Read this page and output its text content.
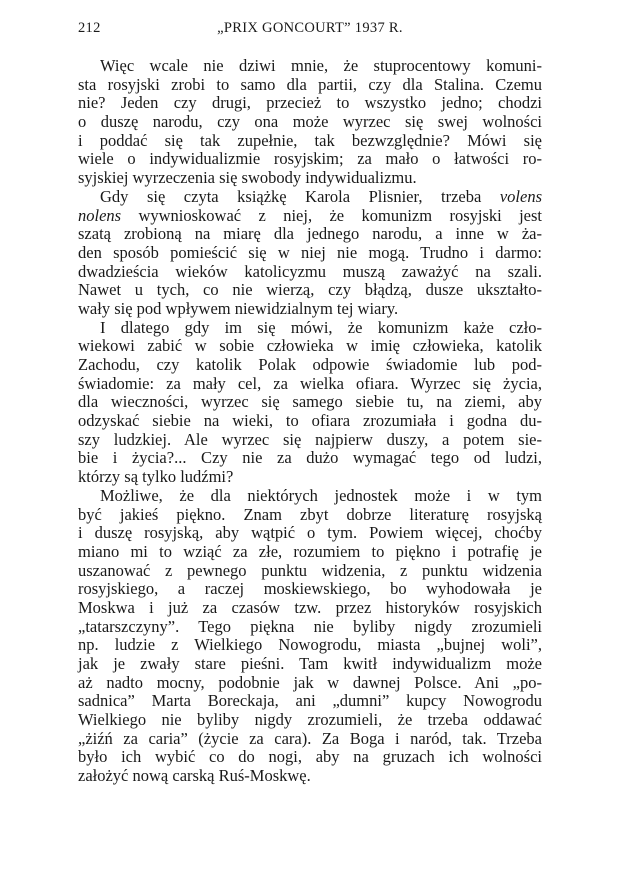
212	„PRIX GONCOURT” 1937 R.
Więc wcale nie dziwi mnie, że stuprocentowy komuni-
sta rosyjski zrobi to samo dla partii, czy dla Stalina. Czemu
nie? Jeden czy drugi, przecież to wszystko jedno; chodzi
o duszę narodu, czy ona może wyrzec się swej wolności
i poddać się tak zupełnie, tak bezwzględnie? Mówi się
wiele o indywidualizmie rosyjskim; za mało o łatwości ro-
syjskiej wyrzeczenia się swobody indywidualizmu.
Gdy się czyta książkę Karola Plisnier, trzeba volens
nolens wywnioskować z niej, że komunizm rosyjski jest
szatą zrobioną na miarę dla jednego narodu, a inne w ża-
den sposób pomieścić się w niej nie mogą. Trudno i darmo:
dwadzieścia wieków katolicyzmu muszą zaważyć na szali.
Nawet u tych, co nie wierzą, czy błądzą, dusze ukształto-
wały się pod wpływem niewidzialnym tej wiary.
I dlatego gdy im się mówi, że komunizm każe czło-
wiekowi zabić w sobie człowieka w imię człowieka, katolik
Zachodu, czy katolik Polak odpowie świadomie lub pod-
świadomie: za mały cel, za wielka ofiara. Wyrzec się życia,
dla wieczności, wyrzec się samego siebie tu, na ziemi, aby
odzyskać siebie na wieki, to ofiara zrozumiała i godna du-
szy ludzkiej. Ale wyrzec się najpierw duszy, a potem sie-
bie i życia?... Czy nie za dużo wymagać tego od ludzi,
którzy są tylko ludźmi?
Możliwe, że dla niektórych jednostek może i w tym
być jakieś piękno. Znam zbyt dobrze literaturę rosyjską
i duszę rosyjską, aby wątpić o tym. Powiem więcej, choćby
miano mi to wziąć za złe, rozumiem to piękno i potrafię je
uszanować z pewnego punktu widzenia, z punktu widzenia
rosyjskiego, a raczej moskiewskiego, bo wyhodowała je
Moskwa i już za czasów tzw. przez historyków rosyjskich
„tatarszczyny”. Tego piękna nie byliby nigdy zrozumieli
np. ludzie z Wielkiego Nowogrodu, miasta „bujnej woli”,
jak je zwały stare pieśni. Tam kwitł indywidualizm może
aż nadto mocny, podobnie jak w dawnej Polsce. Ani „po-
sadnica” Marta Boreckaja, ani „dumni” kupcy Nowogrodu
Wielkiego nie byliby nigdy zrozumieli, że trzeba oddawać
„żiźń za caria” (życie za cara). Za Boga i naród, tak. Trzeba
było ich wybić co do nogi, aby na gruzach ich wolności
założyć nową carską Ruś-Moskwę.
